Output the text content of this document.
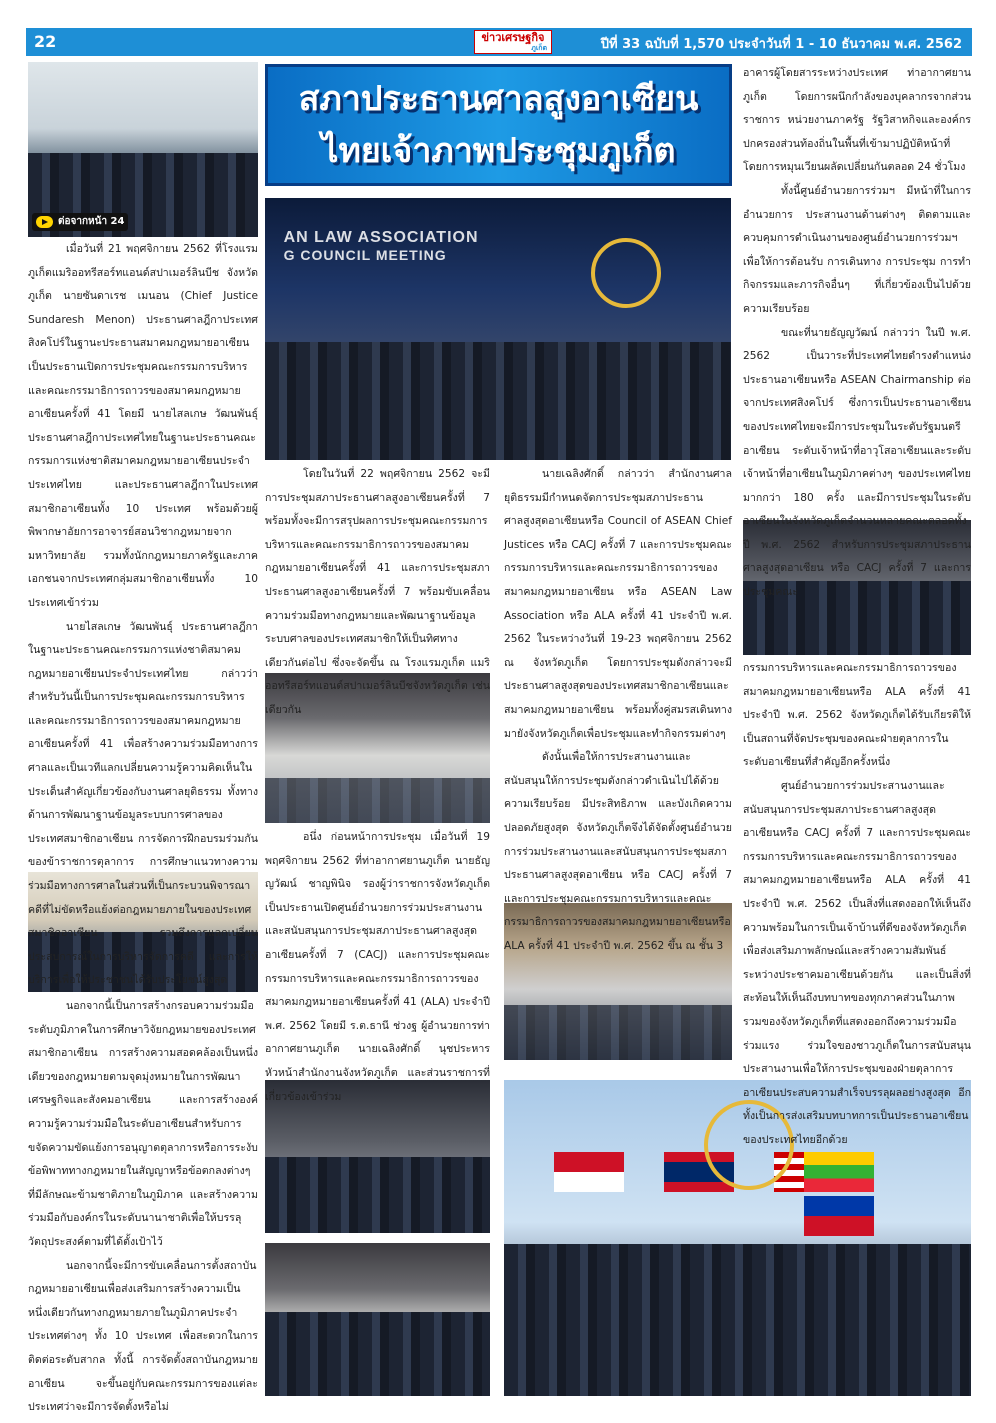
22	ข่าวเศรษฐกิจ
ภูเก็ต	ปีที่ 33 ฉบับที่ 1,570 ประจำวันที่ 1 - 10 ธันวาคม พ.ศ. 2562
สภาประธานศาลสูงอาเซียน
ไทยเจ้าภาพประชุมภูเก็ต
ต่อจากหน้า 24
AN LAW ASSOCIATION
G COUNCIL MEETING

เมื่อวันที่ 21 พฤศจิกายน 2562 ที่โรงแรมภูเก็ตแมริออทรีสอร์ทแอนด์สปาเมอร์ลินบีช จังหวัดภูเก็ต นายซันดาเรช เมนอน (Chief Justice Sundaresh Menon) ประธานศาลฎีกาประเทศสิงคโปร์ในฐานะประธานสมาคมกฎหมายอาเซียน เป็นประธานเปิดการประชุมคณะกรรมการบริหารและคณะกรรมาธิการถาวรของสมาคมกฎหมายอาเซียนครั้งที่ 41 โดยมี นายไสลเกษ วัฒนพันธุ์ ประธานศาลฎีกาประเทศไทยในฐานะประธานคณะกรรมการแห่งชาติสมาคมกฎหมายอาเซียนประจำประเทศไทย และประธานศาลฎีกาในประเทศสมาชิกอาเซียนทั้ง 10 ประเทศ พร้อมด้วยผู้พิพากษาอัยการอาจารย์สอนวิชากฎหมายจากมหาวิทยาลัย รวมทั้งนักกฎหมายภาครัฐและภาคเอกชนจากประเทศกลุ่มสมาชิกอาเซียนทั้ง 10 ประเทศเข้าร่วม

นายไสลเกษ วัฒนพันธุ์ ประธานศาลฎีกาในฐานะประธานคณะกรรมการแห่งชาติสมาคมกฎหมายอาเซียนประจำประเทศไทย กล่าวว่า สำหรับวันนี้เป็นการประชุมคณะกรรมการบริหารและคณะกรรมาธิการถาวรของสมาคมกฎหมายอาเซียนครั้งที่ 41 เพื่อสร้างความร่วมมือทางการศาลและเป็นเวทีแลกเปลี่ยนความรู้ความคิดเห็นในประเด็นสำคัญเกี่ยวข้องกับงานศาลยุติธรรม ทั้งทางด้านการพัฒนาฐานข้อมูลระบบการศาลของประเทศสมาชิกอาเซียน การจัดการฝึกอบรมร่วมกันของข้าราชการตุลาการ การศึกษาแนวทางความร่วมมือทางการศาลในส่วนที่เป็นกระบวนพิจารณาคดีที่ไม่ขัดหรือแย้งต่อกฎหมายภายในของประเทศสมาชิกอาเซียน รวมถึงการแลกเปลี่ยนประสบการณ์ในการบริหารจัดการคดี และการให้บริการเพื่อให้ประชาชนได้รับประโยชน์สูงสุด

นอกจากนี้เป็นการสร้างกรอบความร่วมมือระดับภูมิภาคในการศึกษาวิจัยกฎหมายของประเทศสมาชิกอาเซียน การสร้างความสอดคล้องเป็นหนึ่งเดียวของกฎหมายตามจุดมุ่งหมายในการพัฒนาเศรษฐกิจและสังคมอาเซียน และการสร้างองค์ความรู้ความร่วมมือในระดับอาเซียนสำหรับการขจัดความขัดแย้งการอนุญาตตุลาการหรือการระงับข้อพิพาททางกฎหมายในสัญญาหรือข้อตกลงต่างๆ ที่มีลักษณะข้ามชาติภายในภูมิภาค และสร้างความร่วมมือกับองค์กรในระดับนานาชาติเพื่อให้บรรลุวัตถุประสงค์ตามที่ได้ตั้งเป้าไว้

นอกจากนี้จะมีการขับเคลื่อนการตั้งสถาบันกฎหมายอาเซียนเพื่อส่งเสริมการสร้างความเป็นหนึ่งเดียวกันทางกฎหมายภายในภูมิภาคประจำประเทศต่างๆ ทั้ง 10 ประเทศ เพื่อสะดวกในการติดต่อระดับสากล ทั้งนี้ การจัดตั้งสถาบันกฎหมายอาเซียน จะขึ้นอยู่กับคณะกรรมการของแต่ละประเทศว่าจะมีการจัดตั้งหรือไม่

โดยในวันที่ 22 พฤศจิกายน 2562 จะมีการประชุมสภาประธานศาลสูงอาเซียนครั้งที่ 7 พร้อมทั้งจะมีการสรุปผลการประชุมคณะกรรมการบริหารและคณะกรรมาธิการถาวรของสมาคมกฎหมายอาเซียนครั้งที่ 41 และการประชุมสภาประธานศาลสูงอาเซียนครั้งที่ 7 พร้อมขับเคลื่อนความร่วมมือทางกฎหมายและพัฒนาฐานข้อมูลระบบศาลของประเทศสมาชิกให้เป็นทิศทางเดียวกันต่อไป ซึ่งจะจัดขึ้น ณ โรงแรมภูเก็ต แมริออทรีสอร์ทแอนด์สปาเมอร์ลินบีชจังหวัดภูเก็ต เช่นเดียวกัน

อนึ่ง ก่อนหน้าการประชุม เมื่อวันที่ 19 พฤศจิกายน 2562 ที่ท่าอากาศยานภูเก็ต นายธัญญวัฒน์ ชาญพินิจ รองผู้ว่าราชการจังหวัดภูเก็ต เป็นประธานเปิดศูนย์อำนวยการร่วมประสานงานและสนับสนุนการประชุมสภาประธานศาลสูงสุดอาเซียนครั้งที่ 7 (CACJ) และการประชุมคณะกรรมการบริหารและคณะกรรมาธิการถาวรของสมาคมกฎหมายอาเซียนครั้งที่ 41 (ALA) ประจำปี พ.ศ. 2562 โดยมี ร.ต.ธานี ช่วงฐ ผู้อำนวยการท่าอากาศยานภูเก็ต นายเฉลิงศักดิ์ นุชประหาร หัวหน้าสำนักงานจังหวัดภูเก็ต และส่วนราชการที่เกี่ยวข้องเข้าร่วม

นายเฉลิงศักดิ์ กล่าวว่า สำนักงานศาลยุติธรรมมีกำหนดจัดการประชุมสภาประธานศาลสูงสุดอาเซียนหรือ Council of ASEAN Chief Justices หรือ CACJ ครั้งที่ 7 และการประชุมคณะกรรมการบริหารและคณะกรรมาธิการถาวรของสมาคมกฎหมายอาเซียน หรือ ASEAN Law Association หรือ ALA ครั้งที่ 41 ประจำปี พ.ศ. 2562 ในระหว่างวันที่ 19-23 พฤศจิกายน 2562 ณ จังหวัดภูเก็ต โดยการประชุมดังกล่าวจะมีประธานศาลสูงสุดของประเทศสมาชิกอาเซียนและสมาคมกฎหมายอาเซียน พร้อมทั้งคู่สมรสเดินทางมายังจังหวัดภูเก็ตเพื่อประชุมและทำกิจกรรมต่างๆ

ดังนั้นเพื่อให้การประสานงานและสนับสนุนให้การประชุมดังกล่าวดำเนินไปได้ด้วยความเรียบร้อย มีประสิทธิภาพ และบังเกิดความปลอดภัยสูงสุด จังหวัดภูเก็ตจึงได้จัดตั้งศูนย์อำนวยการร่วมประสานงานและสนับสนุนการประชุมสภาประธานศาลสูงสุดอาเซียน หรือ CACJ ครั้งที่ 7 และการประชุมคณะกรรมการบริหารและคณะกรรมาธิการถาวรของสมาคมกฎหมายอาเซียนหรือ ALA ครั้งที่ 41 ประจำปี พ.ศ. 2562 ขึ้น ณ ชั้น 3

อาคารผู้โดยสารระหว่างประเทศ ท่าอากาศยานภูเก็ต โดยการผนึกกำลังของบุคลากรจากส่วนราชการ หน่วยงานภาครัฐ รัฐวิสาหกิจและองค์กรปกครองส่วนท้องถิ่นในพื้นที่เข้ามาปฏิบัติหน้าที่ โดยการหมุนเวียนผลัดเปลี่ยนกันตลอด 24 ชั่วโมง

ทั้งนี้ศูนย์อำนวยการร่วมฯ มีหน้าที่ในการอำนวยการ ประสานงานด้านต่างๆ ติดตามและควบคุมการดำเนินงานของศูนย์อำนวยการร่วมฯ เพื่อให้การต้อนรับ การเดินทาง การประชุม การทำกิจกรรมและภารกิจอื่นๆ ที่เกี่ยวข้องเป็นไปด้วยความเรียบร้อย

ขณะที่นายธัญญวัฒน์ กล่าวว่า ในปี พ.ศ. 2562 เป็นวาระที่ประเทศไทยดำรงตำแหน่งประธานอาเซียนหรือ ASEAN Chairmanship ต่อจากประเทศสิงคโปร์ ซึ่งการเป็นประธานอาเซียนของประเทศไทยจะมีการประชุมในระดับรัฐมนตรีอาเซียน ระดับเจ้าหน้าที่อาวุโสอาเซียนและระดับเจ้าหน้าที่อาเซียนในภูมิภาคต่างๆ ของประเทศไทยมากกว่า 180 ครั้ง และมีการประชุมในระดับอาเซียนในจังหวัดภูเก็ตจำนวนหลายคณะตลอดทั้งปี พ.ศ. 2562 สำหรับการประชุมสภาประธานศาลสูงสุดอาเซียน หรือ CACJ ครั้งที่ 7 และการประชุมคณะ

กรรมการบริหารและคณะกรรมาธิการถาวรของสมาคมกฎหมายอาเซียนหรือ ALA ครั้งที่ 41 ประจำปี พ.ศ. 2562 จังหวัดภูเก็ตได้รับเกียรติให้เป็นสถานที่จัดประชุมของคณะฝ่ายตุลาการในระดับอาเซียนที่สำคัญอีกครั้งหนึ่ง

ศูนย์อำนวยการร่วมประสานงานและสนับสนุนการประชุมสภาประธานศาลสูงสุดอาเซียนหรือ CACJ ครั้งที่ 7 และการประชุมคณะกรรมการบริหารและคณะกรรมาธิการถาวรของสมาคมกฎหมายอาเซียนหรือ ALA ครั้งที่ 41 ประจำปี พ.ศ. 2562 เป็นสิ่งที่แสดงออกให้เห็นถึงความพร้อมในการเป็นเจ้าบ้านที่ดีของจังหวัดภูเก็ต เพื่อส่งเสริมภาพลักษณ์และสร้างความสัมพันธ์ระหว่างประชาคมอาเซียนด้วยกัน และเป็นสิ่งที่สะท้อนให้เห็นถึงบทบาทของทุกภาคส่วนในภาพรวมของจังหวัดภูเก็ตที่แสดงออกถึงความร่วมมือ ร่วมแรง ร่วมใจของชาวภูเก็ตในการสนับสนุน ประสานงานเพื่อให้การประชุมของฝ่ายตุลาการอาเซียนประสบความสำเร็จบรรลุผลอย่างสูงสุด อีกทั้งเป็นการส่งเสริมบทบาทการเป็นประธานอาเซียนของประเทศไทยอีกด้วย
